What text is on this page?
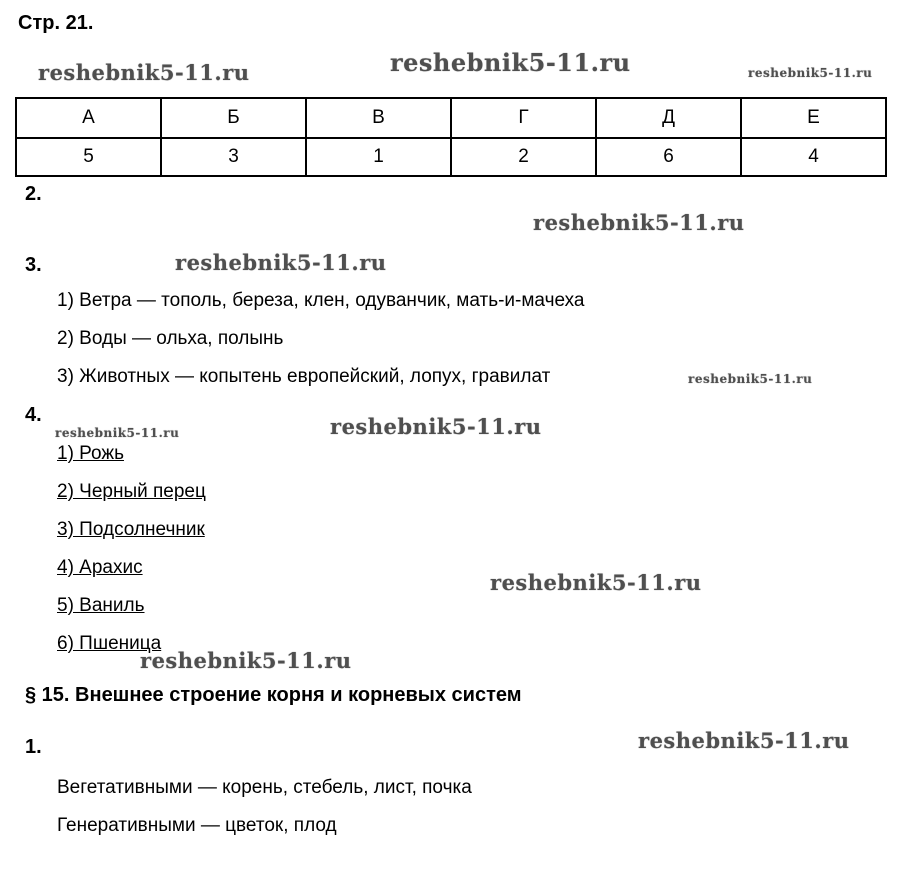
Стр. 21.
reshebnik5-11.ru	reshebnik5-11.ru	reshebnik5-11.ru
reshebnik5-11.ru
reshebnik5-11.ru
reshebnik5-11.ru
reshebnik5-11.ru	reshebnik5-11.ru
reshebnik5-11.ru
reshebnik5-11.ru
reshebnik5-11.ru
А	Б	В	Г	Д	Е
5	3	1	2	6	4
2.
3.
1) Ветра — тополь, береза, клен, одуванчик, мать-и-мачеха
2) Воды — ольха, полынь
3) Животных — копытень европейский, лопух, гравилат
4.
1) Рожь
2) Черный перец
3) Подсолнечник
4) Арахис
5) Ваниль
6) Пшеница
§ 15. Внешнее строение корня и корневых систем
1.
Вегетативными — корень, стебель, лист, почка
Генеративными — цветок, плод
